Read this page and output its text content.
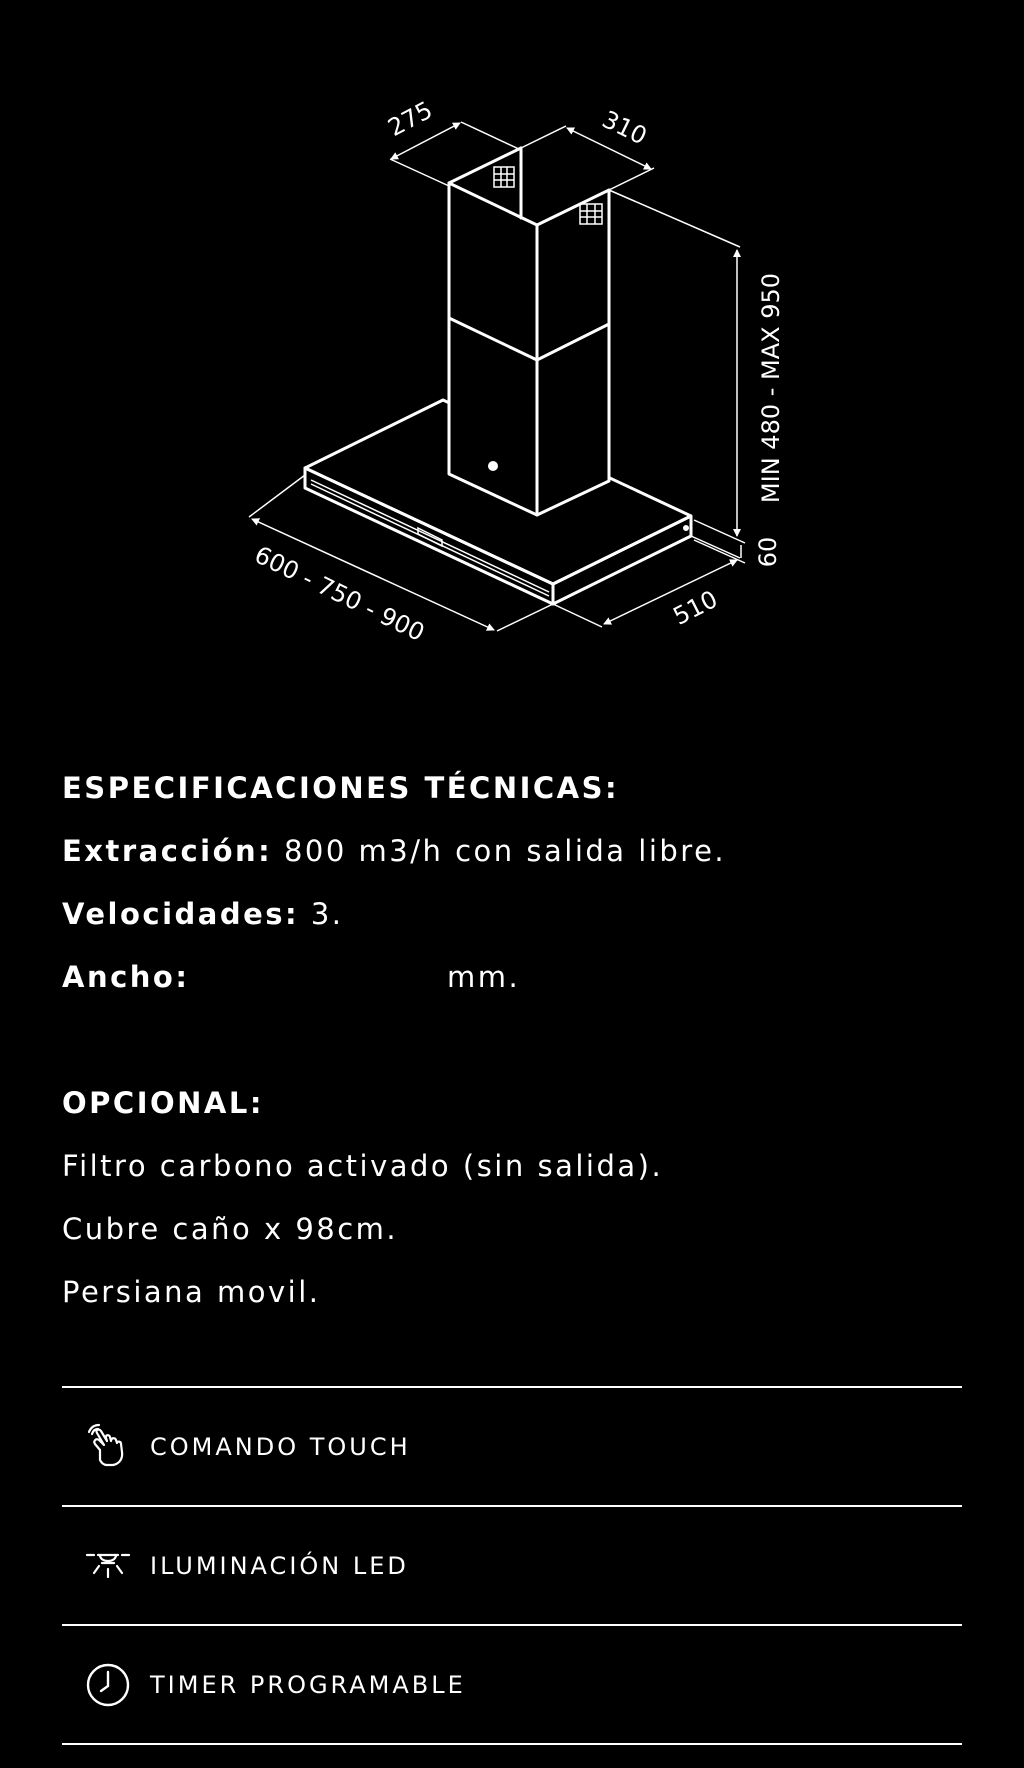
275	310
MIN 480 - MAX 950
60
600 - 750 - 900	510
ESPECIFICACIONES TÉCNICAS:
Extracción: 800 m3/h con salida libre.
Velocidades: 3.
Ancho:	mm.
OPCIONAL:
Filtro carbono activado (sin salida).
Cubre caño x 98cm.
Persiana movil.
COMANDO TOUCH
ILUMINACIÓN LED
TIMER PROGRAMABLE
